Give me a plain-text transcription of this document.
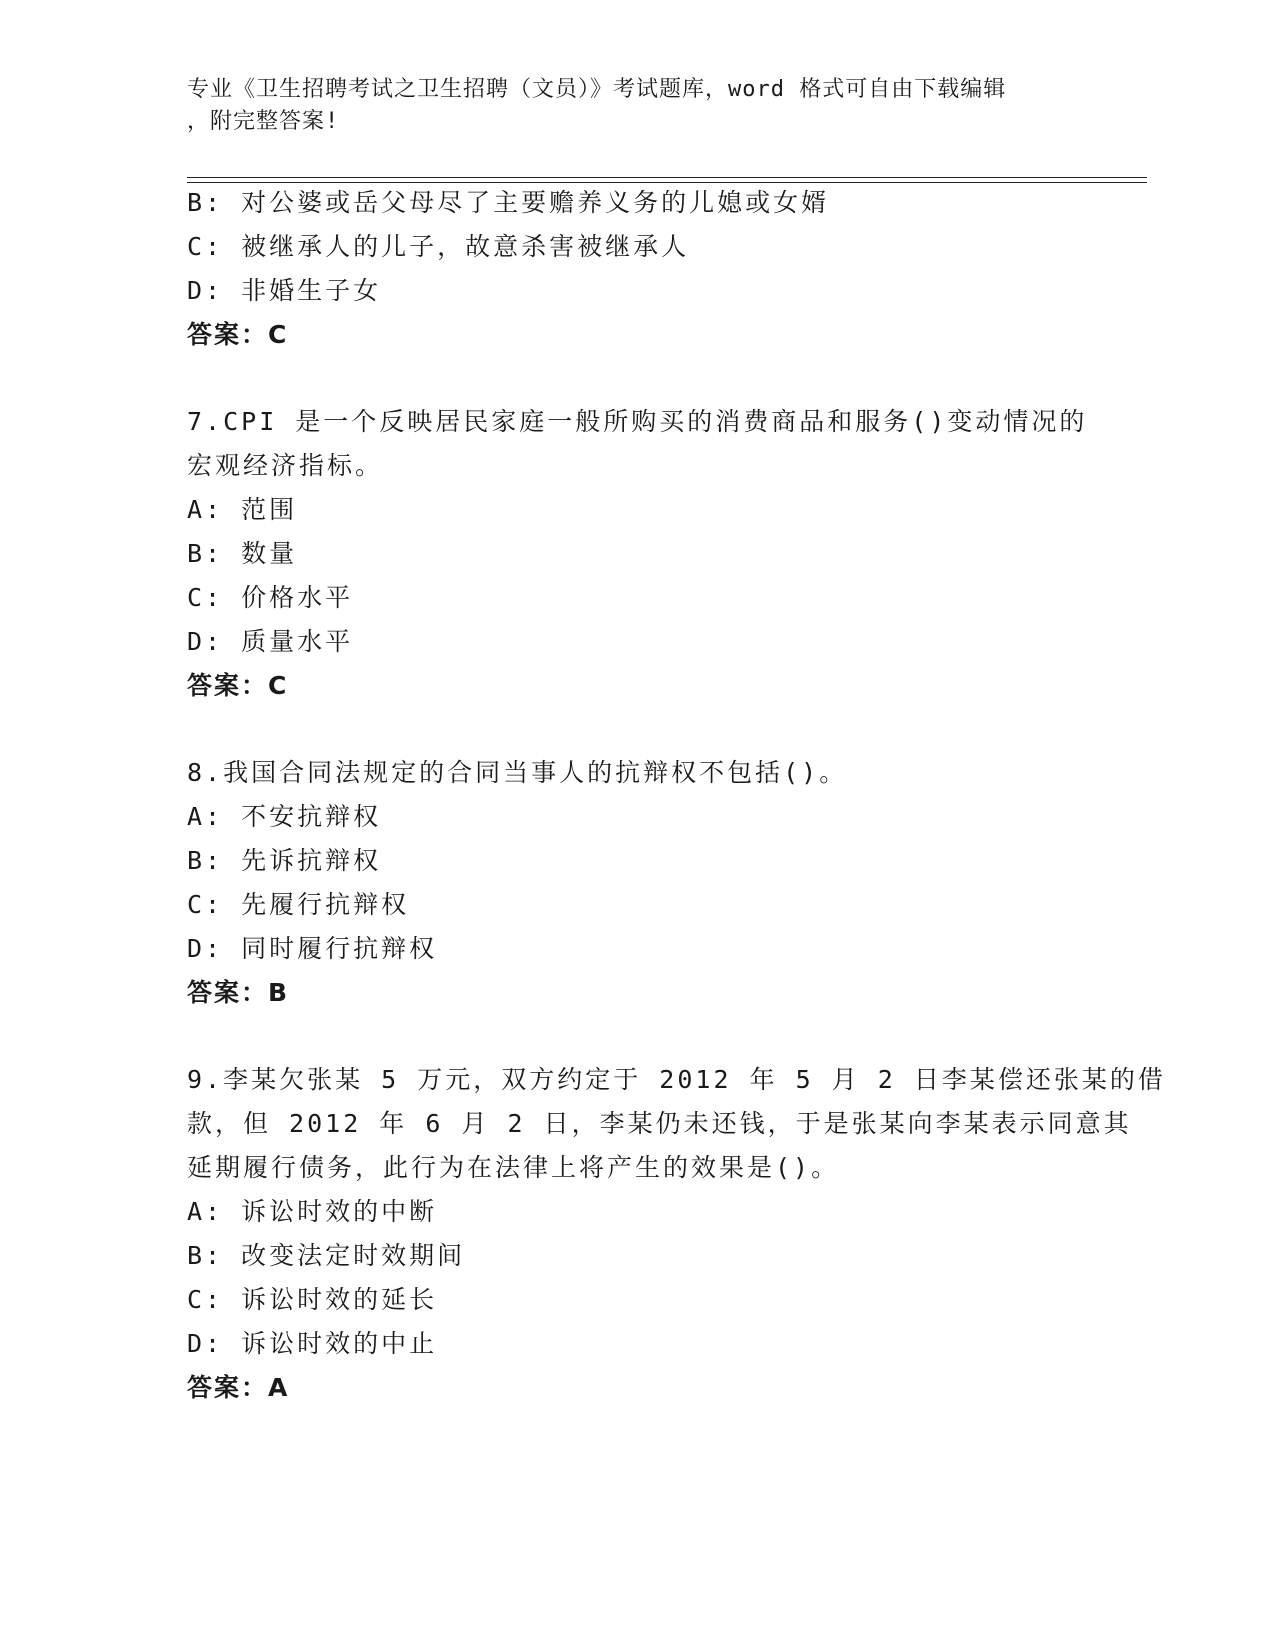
专业《卫生招聘考试之卫生招聘（文员）》考试题库，word 格式可自由下载编辑
，附完整答案!
B: 对公婆或岳父母尽了主要赡养义务的儿媳或女婿
C: 被继承人的儿子，故意杀害被继承人
D: 非婚生子女
答案：C
7.CPI 是一个反映居民家庭一般所购买的消费商品和服务()变动情况的
宏观经济指标。
A: 范围
B: 数量
C: 价格水平
D: 质量水平
答案：C
8.我国合同法规定的合同当事人的抗辩权不包括()。
A: 不安抗辩权
B: 先诉抗辩权
C: 先履行抗辩权
D: 同时履行抗辩权
答案：B
9.李某欠张某 5 万元，双方约定于 2012 年 5 月 2 日李某偿还张某的借
款，但 2012 年 6 月 2 日，李某仍未还钱，于是张某向李某表示同意其
延期履行债务，此行为在法律上将产生的效果是()。
A: 诉讼时效的中断
B: 改变法定时效期间
C: 诉讼时效的延长
D: 诉讼时效的中止
答案：A
